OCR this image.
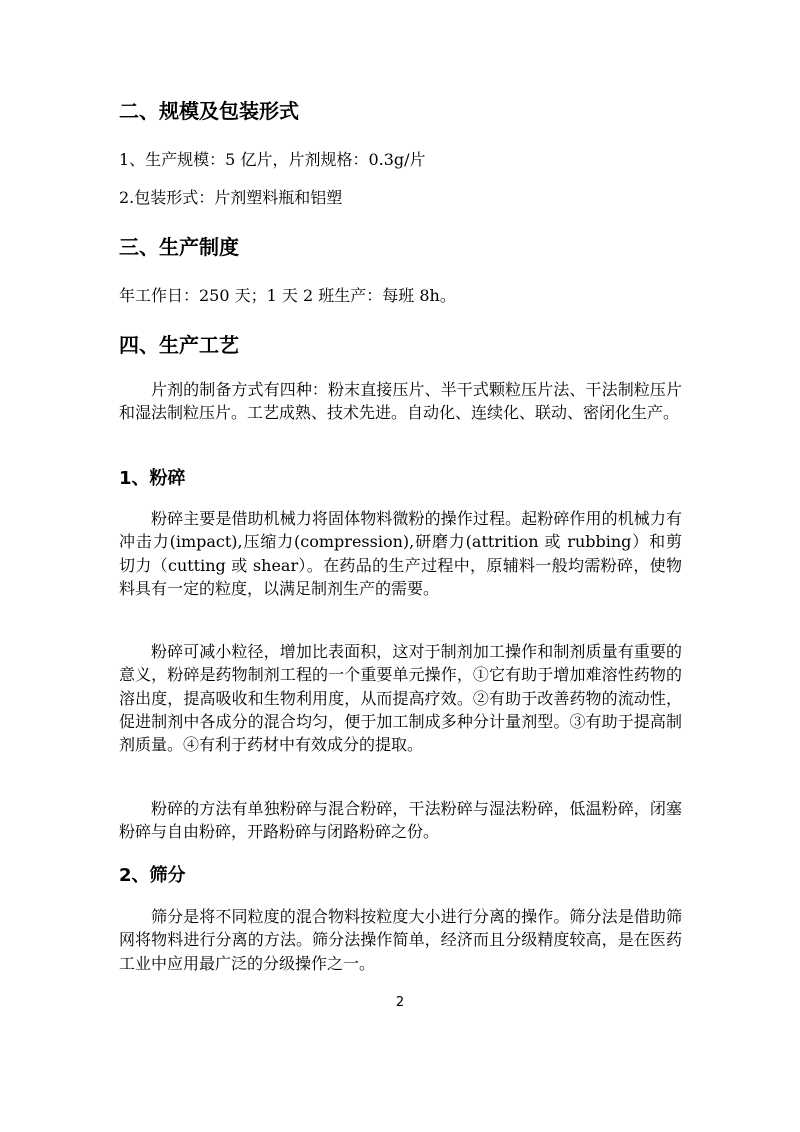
二、规模及包装形式

1、生产规模：5 亿片，片剂规格：0.3g/片

2.包装形式：片剂塑料瓶和铝塑

三、生产制度

年工作日：250 天；1 天 2 班生产：每班 8h。

四、生产工艺

片剂的制备方式有四种：粉末直接压片、半干式颗粒压片法、干法制粒压片和湿法制粒压片。工艺成熟、技术先进。自动化、连续化、联动、密闭化生产。

1、粉碎

粉碎主要是借助机械力将固体物料微粉的操作过程。起粉碎作用的机械力有冲击力(impact),压缩力(compression),研磨力(attrition 或 rubbing）和剪切力（cutting 或 shear）。在药品的生产过程中，原辅料一般均需粉碎，使物料具有一定的粒度，以满足制剂生产的需要。

粉碎可减小粒径，增加比表面积，这对于制剂加工操作和制剂质量有重要的意义，粉碎是药物制剂工程的一个重要单元操作，①它有助于增加难溶性药物的溶出度，提高吸收和生物利用度，从而提高疗效。②有助于改善药物的流动性，促进制剂中各成分的混合均匀，便于加工制成多种分计量剂型。③有助于提高制剂质量。④有利于药材中有效成分的提取。

粉碎的方法有单独粉碎与混合粉碎，干法粉碎与湿法粉碎，低温粉碎，闭塞粉碎与自由粉碎，开路粉碎与闭路粉碎之份。

2、筛分

筛分是将不同粒度的混合物料按粒度大小进行分离的操作。筛分法是借助筛网将物料进行分离的方法。筛分法操作简单，经济而且分级精度较高，是在医药工业中应用最广泛的分级操作之一。

2
